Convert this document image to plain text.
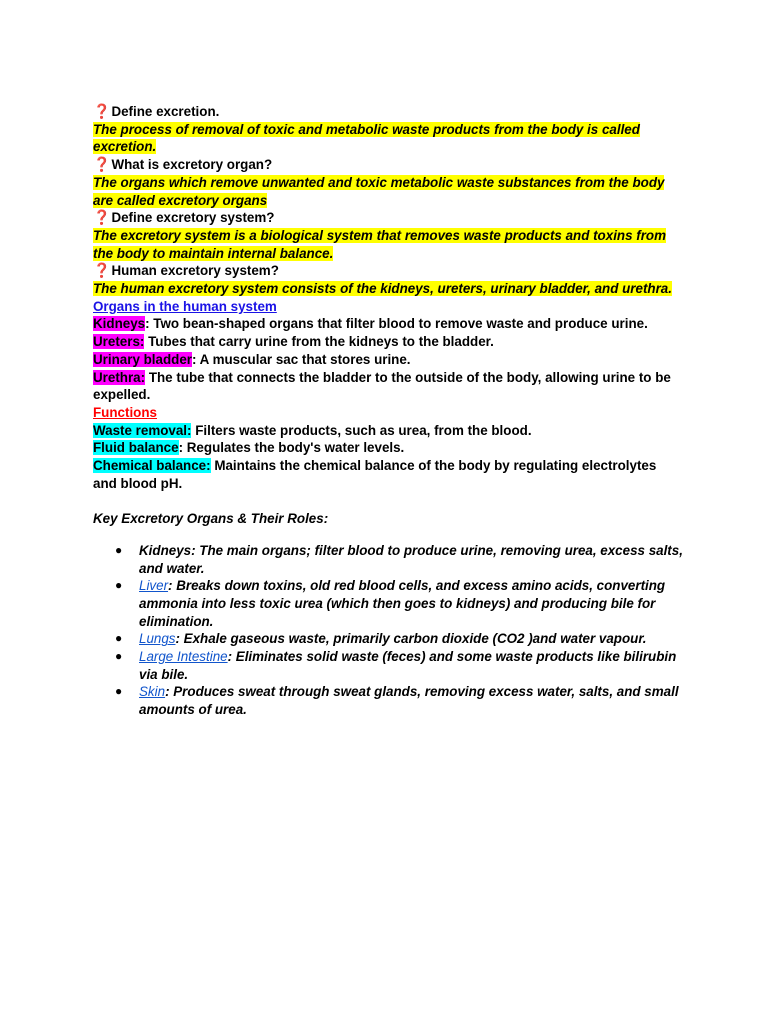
❓Define excretion.
The process of removal of toxic and metabolic waste products from the body is called excretion.
❓What is excretory organ?
The organs which remove unwanted and toxic metabolic waste substances from the body are called excretory organs
❓Define excretory system?
The excretory system is a biological system that removes waste products and toxins from the body to maintain internal balance.
❓Human excretory system?
The human excretory system consists of the kidneys, ureters, urinary bladder, and urethra.
Organs in the human system
Kidneys: Two bean-shaped organs that filter blood to remove waste and produce urine.
Ureters: Tubes that carry urine from the kidneys to the bladder.
Urinary bladder: A muscular sac that stores urine.
Urethra: The tube that connects the bladder to the outside of the body, allowing urine to be expelled.
Functions
Waste removal: Filters waste products, such as urea, from the blood.
Fluid balance: Regulates the body's water levels.
Chemical balance: Maintains the chemical balance of the body by regulating electrolytes and blood pH.
Key Excretory Organs & Their Roles:
● Kidneys: The main organs; filter blood to produce urine, removing urea, excess salts, and water.
● Liver: Breaks down toxins, old red blood cells, and excess amino acids, converting ammonia into less toxic urea (which then goes to kidneys) and producing bile for elimination.
● Lungs: Exhale gaseous waste, primarily carbon dioxide (CO2 )and water vapour.
● Large Intestine: Eliminates solid waste (feces) and some waste products like bilirubin via bile.
● Skin: Produces sweat through sweat glands, removing excess water, salts, and small amounts of urea.
